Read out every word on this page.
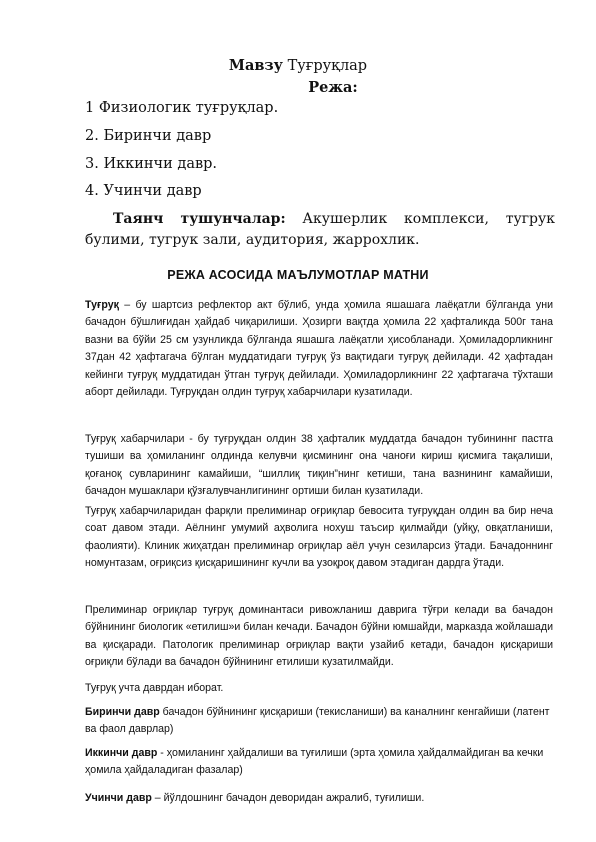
Мавзу Туғруқлар
Режа:
1 Физиологик туғруқлар.
2. Биринчи давр
3. Иккинчи давр.
4. Учинчи давр
Таянч тушунчалар: Акушерлик комплекси, тугрук булими, тугрук зали, аудитория, жаррохлик.
РЕЖА АСОСИДА МАЪЛУМОТЛАР МАТНИ

Туғруқ – бу шартсиз рефлектор акт бўлиб, унда ҳомила яшашага лаёқатли бўлганда уни бачадон бўшлиғидан ҳайдаб чиқарилиши. Ҳозирги вақтда ҳомила 22 ҳафталикда 500г тана вазни ва бўйи 25 см узунликда бўлганда яшашга лаёқатли ҳисобланади. Ҳомиладорликнинг 37дан 42 ҳафтагача бўлган муддатидаги туғруқ ўз вақтидаги туғруқ дейилади. 42 ҳафтадан кейинги туғруқ муддатидан ўтган туғруқ дейилади. Ҳомиладорликнинг 22 ҳафтагача тўхташи аборт дейилади. Туғруқдан олдин туғруқ хабарчилари кузатилади.

Туғруқ хабарчилари - бу туғруқдан олдин 38 ҳафталик муддатда бачадон тубининнг пастга тушиши ва ҳомиланинг олдинда келувчи қисмининг она чаноғи кириш қисмига тақалиши, қоғаноқ сувларининг камайиши, “шиллиқ тиқин”нинг кетиши, тана вазнининг камайиши, бачадон мушаклари қўзғалувчанлигининг ортиши билан кузатилади.

Туғруқ хабарчиларидан фарқли прелиминар оғриқлар бевосита туғруқдан олдин ва бир неча соат давом этади. Аёлнинг умумий аҳволига нохуш таъсир қилмайди (уйқу, овқатланиши, фаолияти). Клиник жиҳатдан прелиминар оғриқлар аёл учун сезиларсиз ўтади. Бачадоннинг номунтазам, оғриқсиз қисқаришининг кучли ва узоқроқ давом этадиган дардга ўтади.

Прелиминар оғриқлар туғруқ доминантаси ривожланиш даврига тўғри келади ва бачадон бўйнининг биологик «етилиш»и билан кечади. Бачадон бўйни юмшайди, марказда жойлашади ва қисқаради. Патологик прелиминар оғриқлар вақти узайиб кетади, бачадон қисқариши оғриқли бўлади ва бачадон бўйнининг етилиши кузатилмайди.

Туғруқ учта даврдан иборат.

Биринчи давр бачадон бўйнининг қисқариши (текисланиши) ва каналнинг кенгайиши (латент ва фаол даврлар)

Иккинчи давр - ҳомиланинг ҳайдалиши ва туғилиши (эрта ҳомила ҳайдалмайдиган ва кечки ҳомила ҳайдаладиган фазалар)

Учинчи давр – йўлдошнинг бачадон деворидан ажралиб, туғилиши.
